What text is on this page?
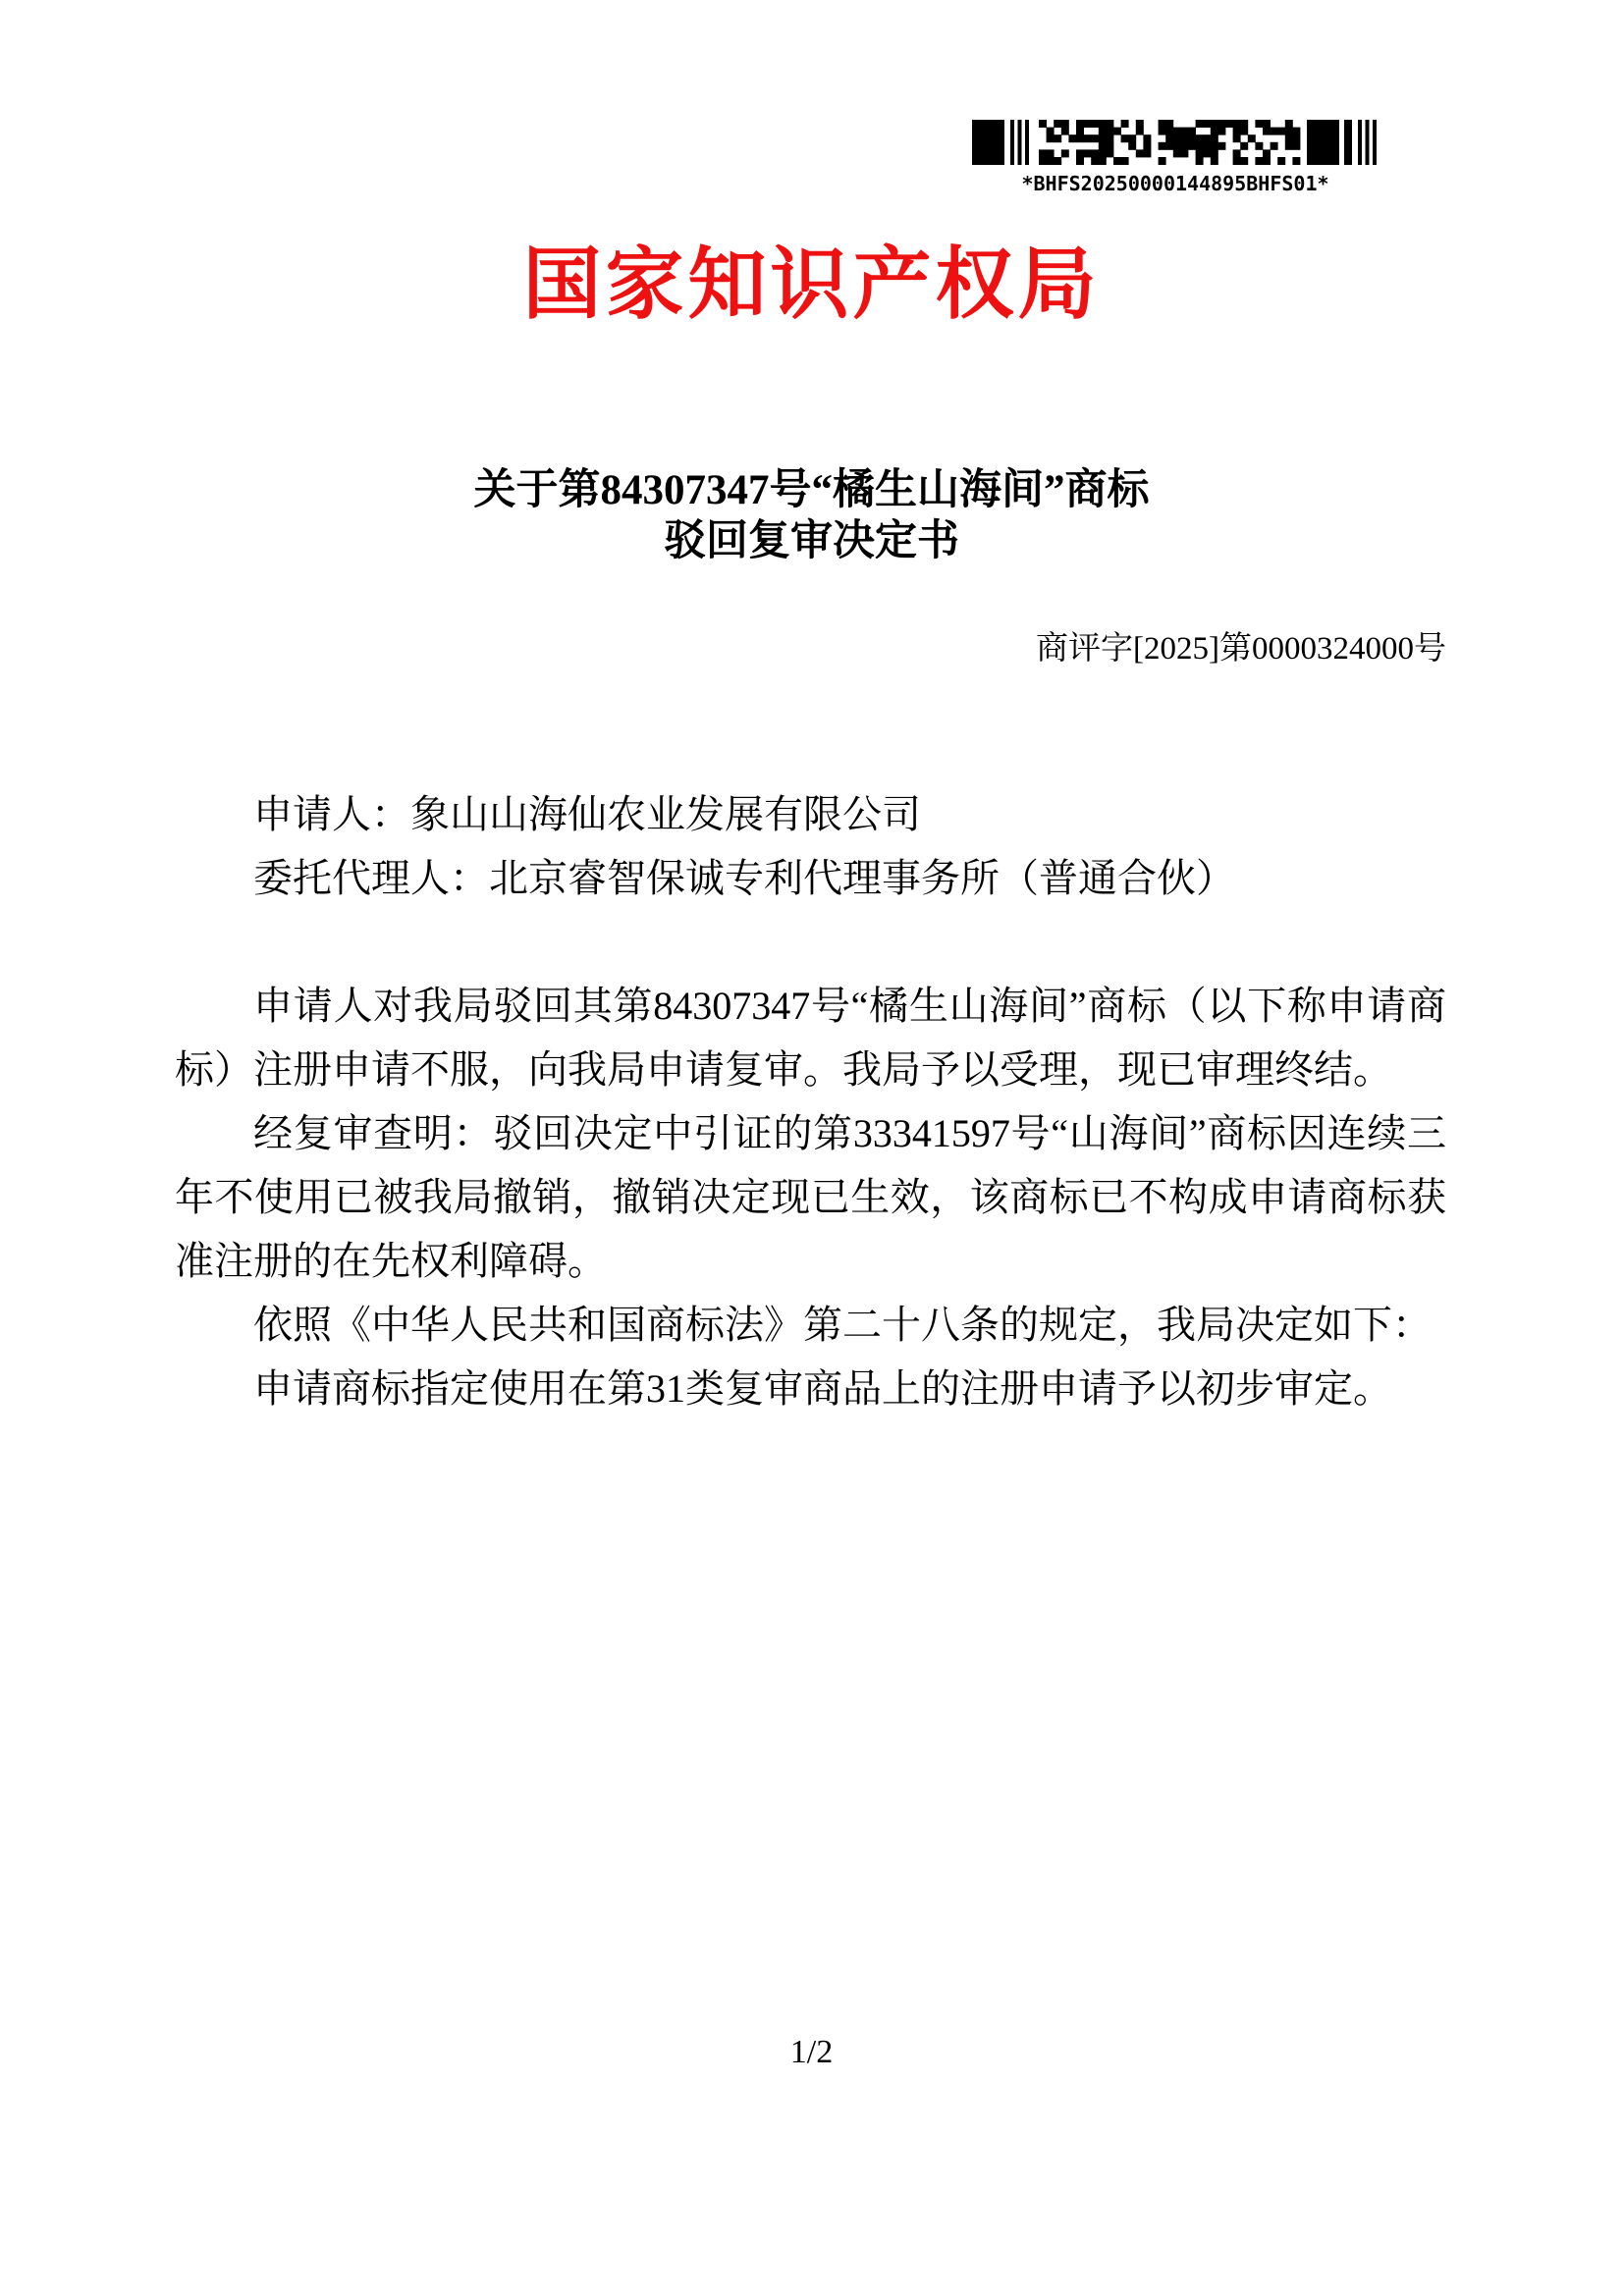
*BHFS20250000144895BHFS01*
国家知识产权局
关于第84307347号“橘生山海间”商标
驳回复审决定书
商评字[2025]第0000324000号

申请人：象山山海仙农业发展有限公司

委托代理人：北京睿智保诚专利代理事务所（普通合伙）

申请人对我局驳回其第84307347号“橘生山海间”商标（以下称申请商标）注册申请不服，向我局申请复审。我局予以受理，现已审理终结。

经复审查明：驳回决定中引证的第33341597号“山海间”商标因连续三年不使用已被我局撤销，撤销决定现已生效，该商标已不构成申请商标获准注册的在先权利障碍。

依照《中华人民共和国商标法》第二十八条的规定，我局决定如下：

申请商标指定使用在第31类复审商品上的注册申请予以初步审定。

1/2
